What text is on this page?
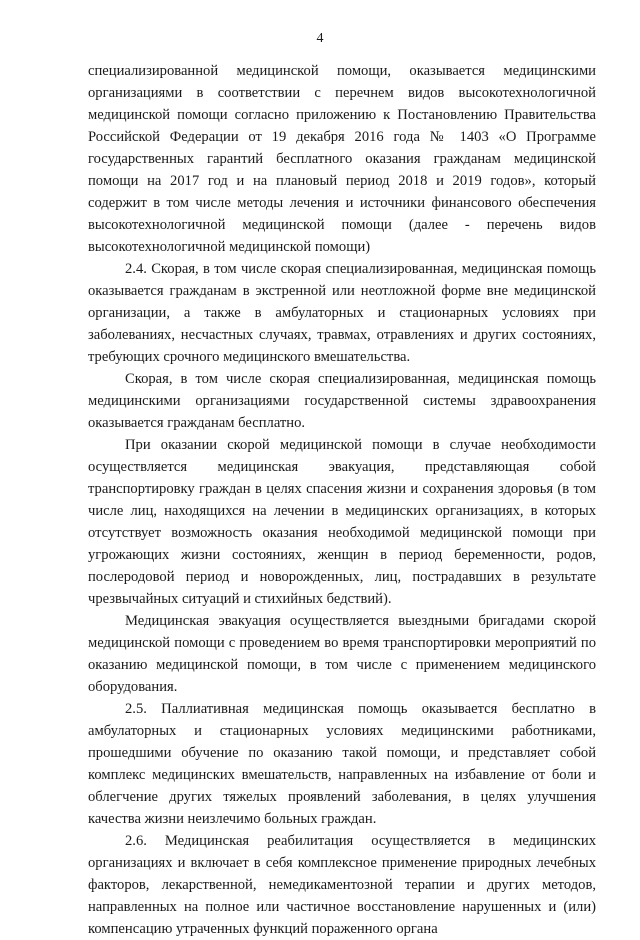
4

специализированной медицинской помощи, оказывается медицинскими организациями в соответствии с перечнем видов высокотехнологичной медицинской помощи согласно приложению к Постановлению Правительства Российской Федерации от 19 декабря 2016 года № 1403 «О Программе государственных гарантий бесплатного оказания гражданам медицинской помощи на 2017 год и на плановый период 2018 и 2019 годов», который содержит в том числе методы лечения и источники финансового обеспечения высокотехнологичной медицинской помощи (далее - перечень видов высокотехнологичной медицинской помощи)

2.4. Скорая, в том числе скорая специализированная, медицинская помощь оказывается гражданам в экстренной или неотложной форме вне медицинской организации, а также в амбулаторных и стационарных условиях при заболеваниях, несчастных случаях, травмах, отравлениях и других состояниях, требующих срочного медицинского вмешательства.

Скорая, в том числе скорая специализированная, медицинская помощь медицинскими организациями государственной системы здравоохранения оказывается гражданам бесплатно.

При оказании скорой медицинской помощи в случае необходимости осуществляется медицинская эвакуация, представляющая собой транспортировку граждан в целях спасения жизни и сохранения здоровья (в том числе лиц, находящихся на лечении в медицинских организациях, в которых отсутствует возможность оказания необходимой медицинской помощи при угрожающих жизни состояниях, женщин в период беременности, родов, послеродовой период и новорожденных, лиц, пострадавших в результате чрезвычайных ситуаций и стихийных бедствий).

Медицинская эвакуация осуществляется выездными бригадами скорой медицинской помощи с проведением во время транспортировки мероприятий по оказанию медицинской помощи, в том числе с применением медицинского оборудования.

2.5. Паллиативная медицинская помощь оказывается бесплатно в амбулаторных и стационарных условиях медицинскими работниками, прошедшими обучение по оказанию такой помощи, и представляет собой комплекс медицинских вмешательств, направленных на избавление от боли и облегчение других тяжелых проявлений заболевания, в целях улучшения качества жизни неизлечимо больных граждан.

2.6. Медицинская реабилитация осуществляется в медицинских организациях и включает в себя комплексное применение природных лечебных факторов, лекарственной, немедикаментозной терапии и других методов, направленных на полное или частичное восстановление нарушенных и (или) компенсацию утраченных функций пораженного органа
